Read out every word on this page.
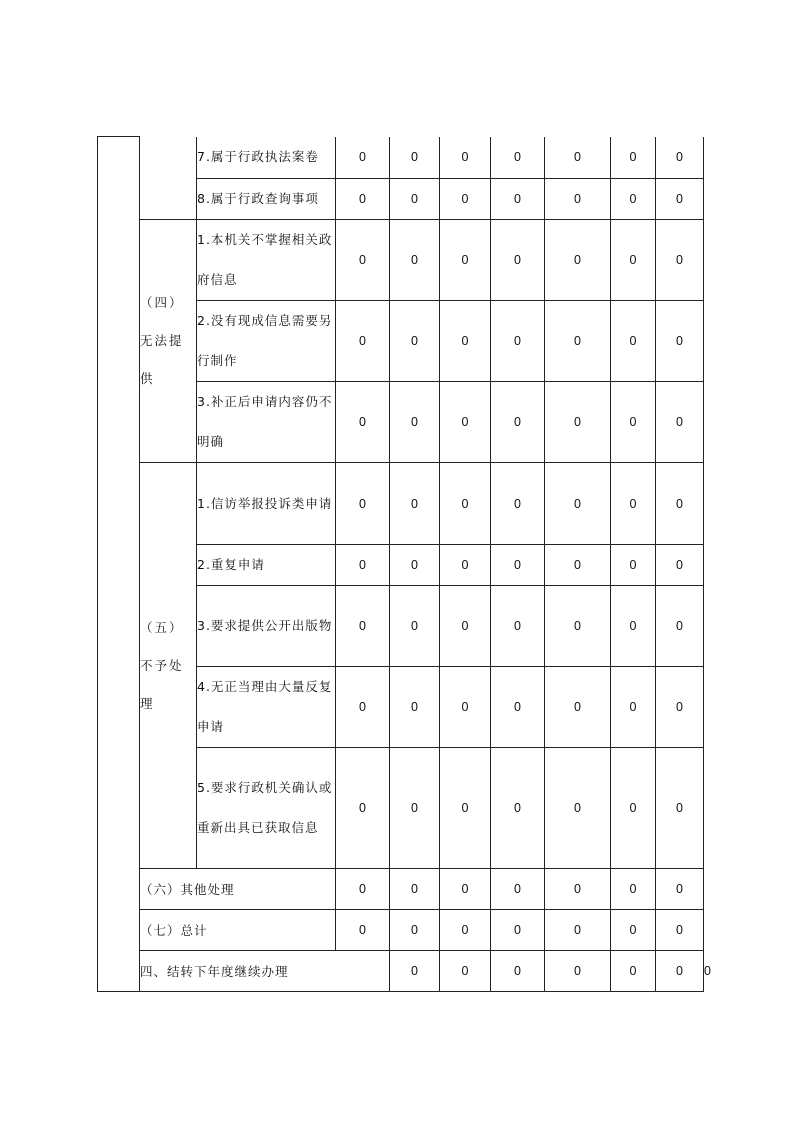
		7.属于行政执法案卷	0	0	0	0	0	0	0	
		8.属于行政查询事项	0	0	0	0	0	0	0	
	（四）无法提供	1.本机关不掌握相关政府信息	0	0	0	0	0	0	0	
		2.没有现成信息需要另行制作	0	0	0	0	0	0	0	
		3.补正后申请内容仍不明确	0	0	0	0	0	0	0	
	（五）不予处理	1.信访举报投诉类申请	0	0	0	0	0	0	0	
		2.重复申请	0	0	0	0	0	0	0	
		3.要求提供公开出版物	0	0	0	0	0	0	0	
		4.无正当理由大量反复申请	0	0	0	0	0	0	0	
		5.要求行政机关确认或重新出具已获取信息	0	0	0	0	0	0	0	
	（六）其他处理		0	0	0	0	0	0	0	
	（七）总计		0	0	0	0	0	0	0	
	四、结转下年度继续办理			0	0	0	0	0	0	0
